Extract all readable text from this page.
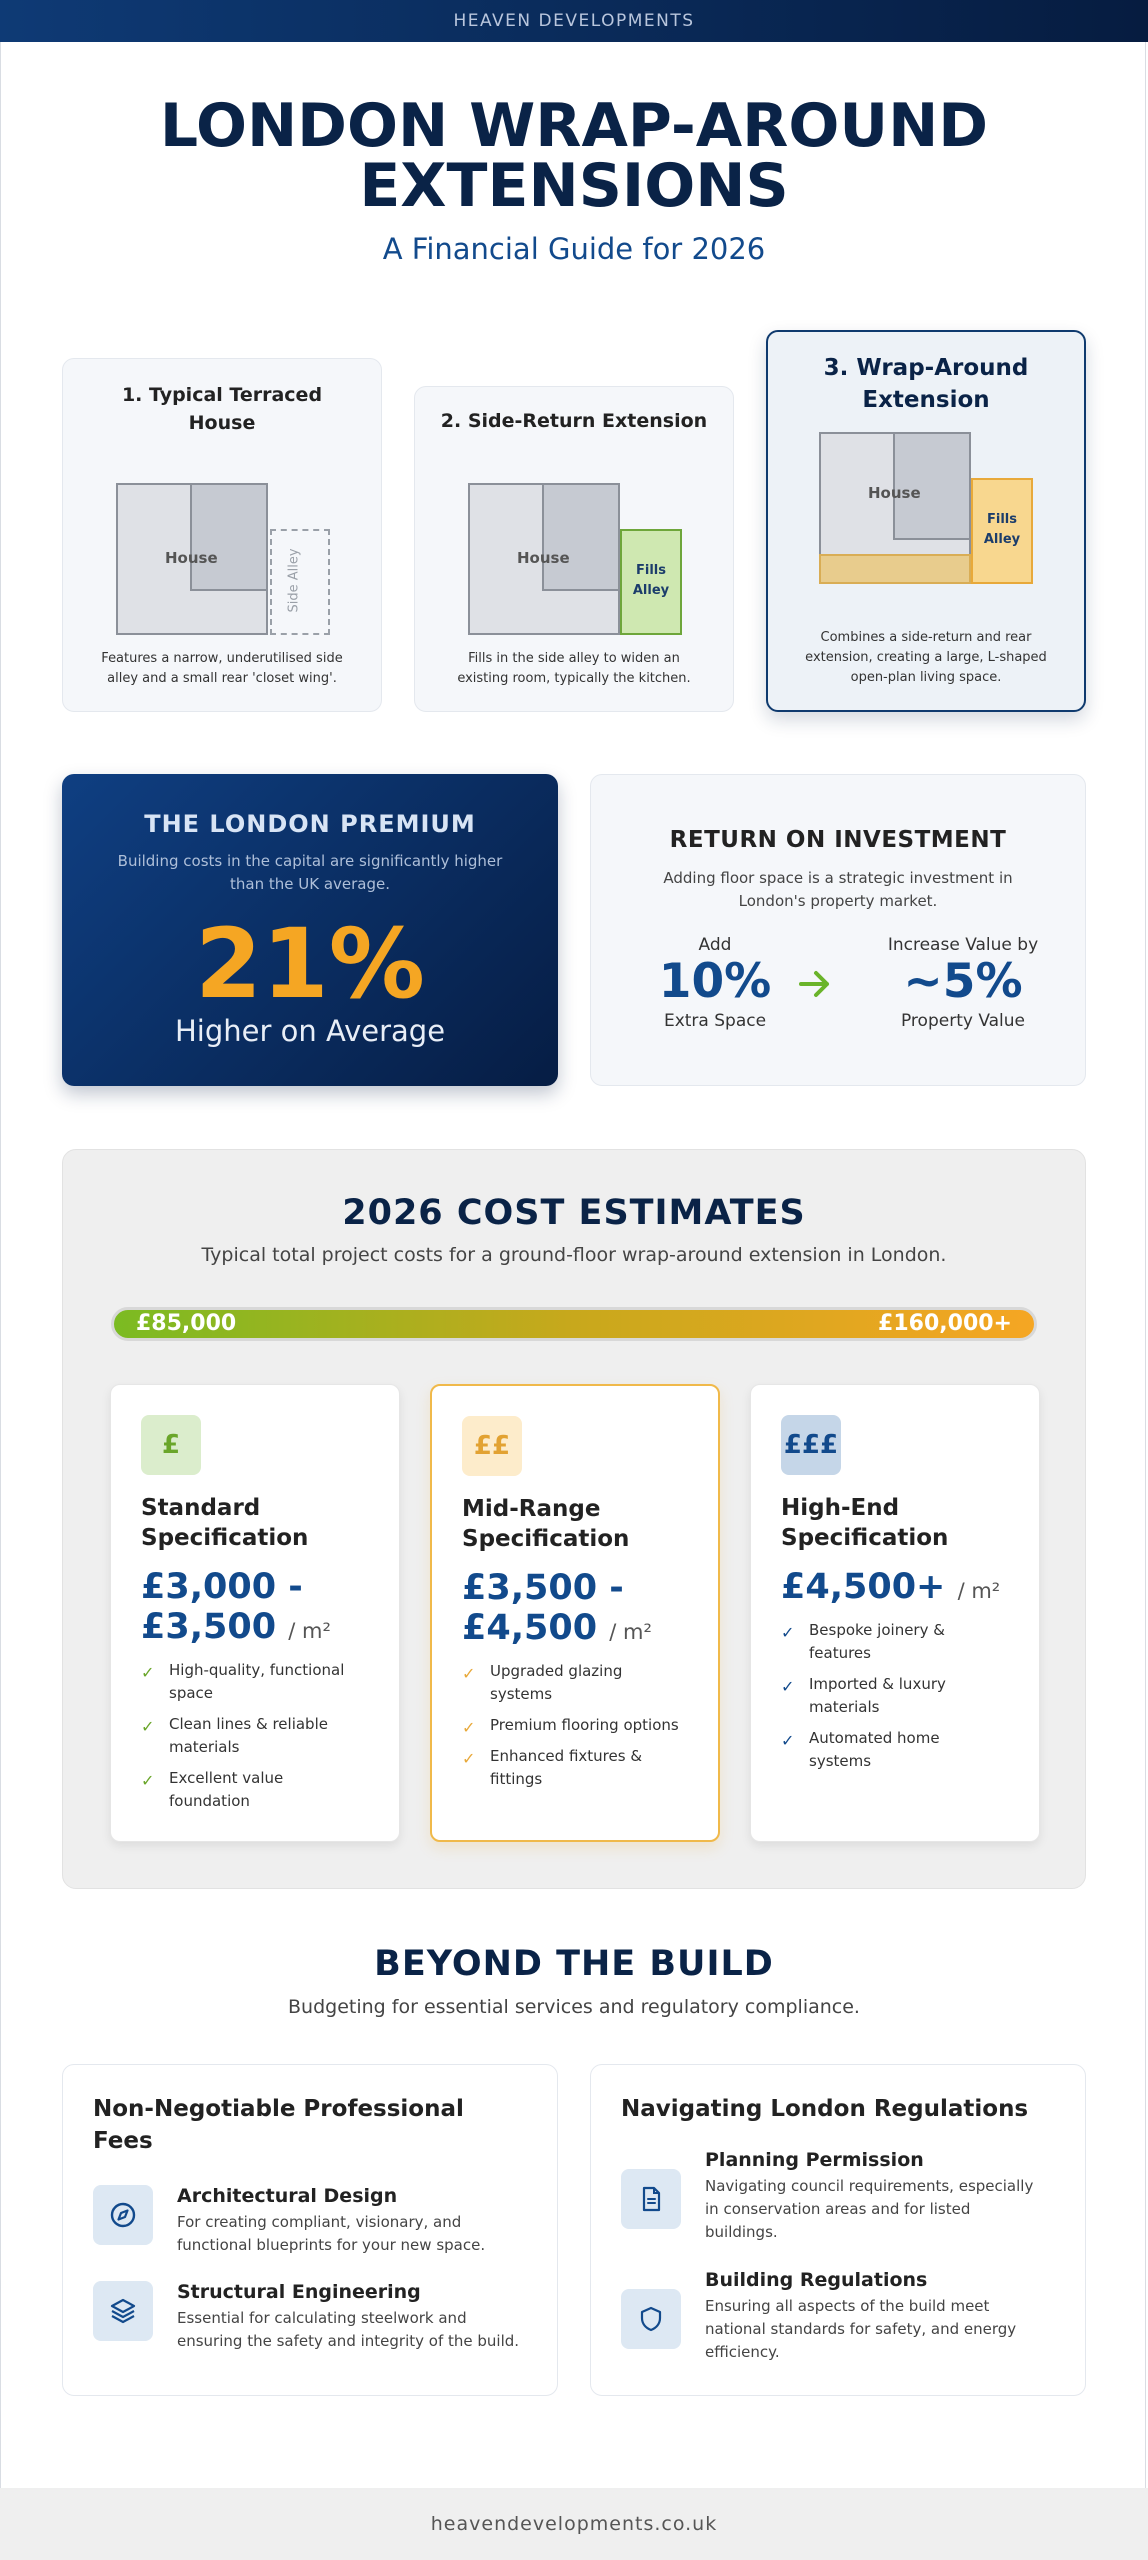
HEAVEN DEVELOPMENTS
LONDON WRAP-AROUND
EXTENSIONS
A Financial Guide for 2026
1. Typical Terraced
House
House	Side Alley
Features a narrow, underutilised side
alley and a small rear 'closet wing'.
2. Side-Return Extension
House
Fills
Alley
Fills in the side alley to widen an
existing room, typically the kitchen.
3. Wrap-Around
Extension
House
Fills
Alley
Combines a side-return and rear
extension, creating a large, L-shaped
open-plan living space.
THE LONDON PREMIUM
Building costs in the capital are significantly higher
than the UK average.
21%
Higher on Average
RETURN ON INVESTMENT
Adding floor space is a strategic investment in
London's property market.
Add
10%
Extra Space
Increase Value by
~5%
Property Value
2026 COST ESTIMATES
Typical total project costs for a ground-floor wrap-around extension in London.
£85,000	£160,000+
£
Standard
Specification
£3,000 -
£3,500 / m²
✓ High-quality, functional
space
✓ Clean lines & reliable
materials
✓ Excellent value
foundation
££
Mid-Range
Specification
£3,500 -
£4,500 / m²
✓ Upgraded glazing
systems
✓ Premium flooring options
✓ Enhanced fixtures &
fittings
£££
High-End
Specification
£4,500+ / m²
✓ Bespoke joinery &
features
✓ Imported & luxury
materials
✓ Automated home
systems
BEYOND THE BUILD
Budgeting for essential services and regulatory compliance.
Non-Negotiable Professional
Fees
Architectural Design
For creating compliant, visionary, and
functional blueprints for your new space.
Structural Engineering
Essential for calculating steelwork and
ensuring the safety and integrity of the build.
Navigating London Regulations
Planning Permission
Navigating council requirements, especially
in conservation areas and for listed
buildings.
Building Regulations
Ensuring all aspects of the build meet
national standards for safety, and energy
efficiency.
heavendevelopments.co.uk
